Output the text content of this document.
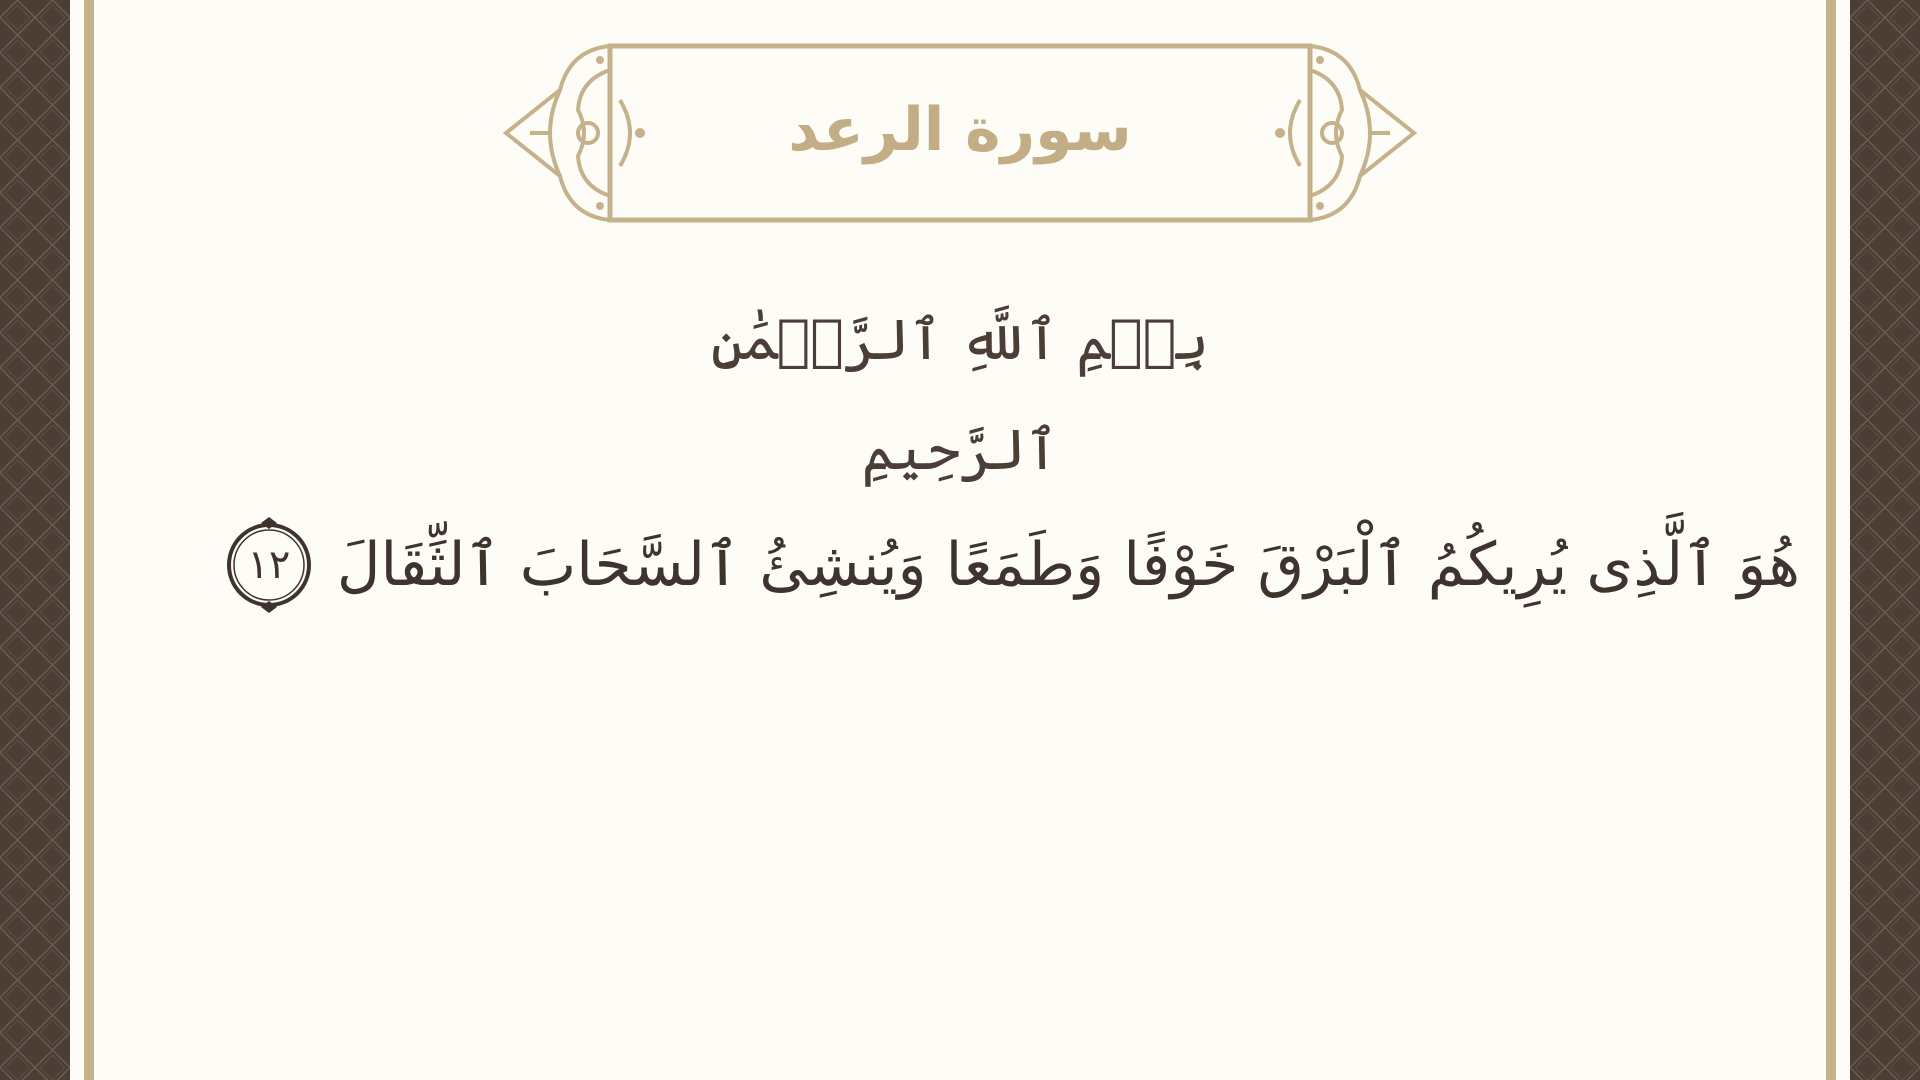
سورة الرعد
بِسۡمِ ٱللَّهِ ٱلرَّحۡمَٰنِ ٱلرَّحِيمِ
هُوَ ٱلَّذِى يُرِيكُمُ ٱلْبَرْقَ خَوْفًا وَطَمَعًا وَيُنشِئُ ٱلسَّحَابَ ٱلثِّقَالَ
١٢
